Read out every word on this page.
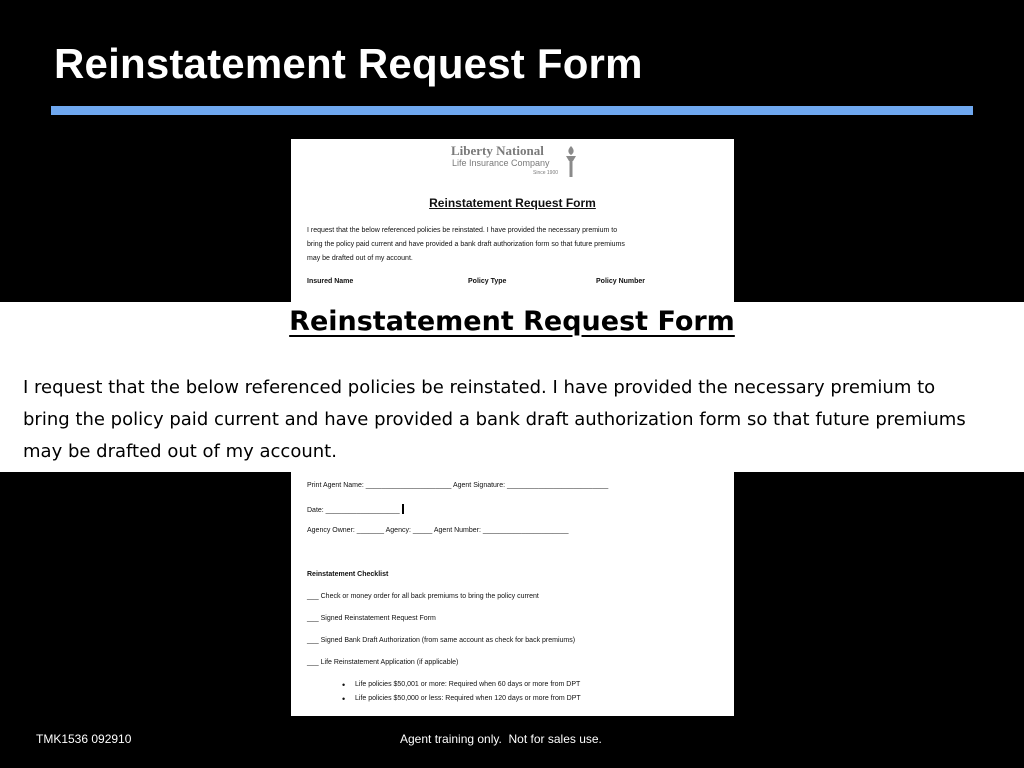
Reinstatement Request Form
Liberty National
Life Insurance Company
Since 1900
Reinstatement Request Form
I request that the below referenced policies be reinstated. I have provided the necessary premium to
bring the policy paid current and have provided a bank draft authorization form so that future premiums
may be drafted out of my account.
Insured Name	Policy Type	Policy Number
Print Agent Name: ______________________ Agent Signature: __________________________
Date: ___________________
Agency Owner: _______ Agency: _____ Agent Number: ______________________
Reinstatement Checklist
___ Check or money order for all back premiums to bring the policy current
___ Signed Reinstatement Request Form
___ Signed Bank Draft Authorization (from same account as check for back premiums)
___ Life Reinstatement Application (if applicable)
• Life policies $50,001 or more: Required when 60 days or more from DPT
• Life policies $50,000 or less: Required when 120 days or more from DPT
Reinstatement Request Form
I request that the below referenced policies be reinstated. I have provided the necessary premium to
bring the policy paid current and have provided a bank draft authorization form so that future premiums
may be drafted out of my account.
TMK1536 092910	Agent training only.  Not for sales use.
